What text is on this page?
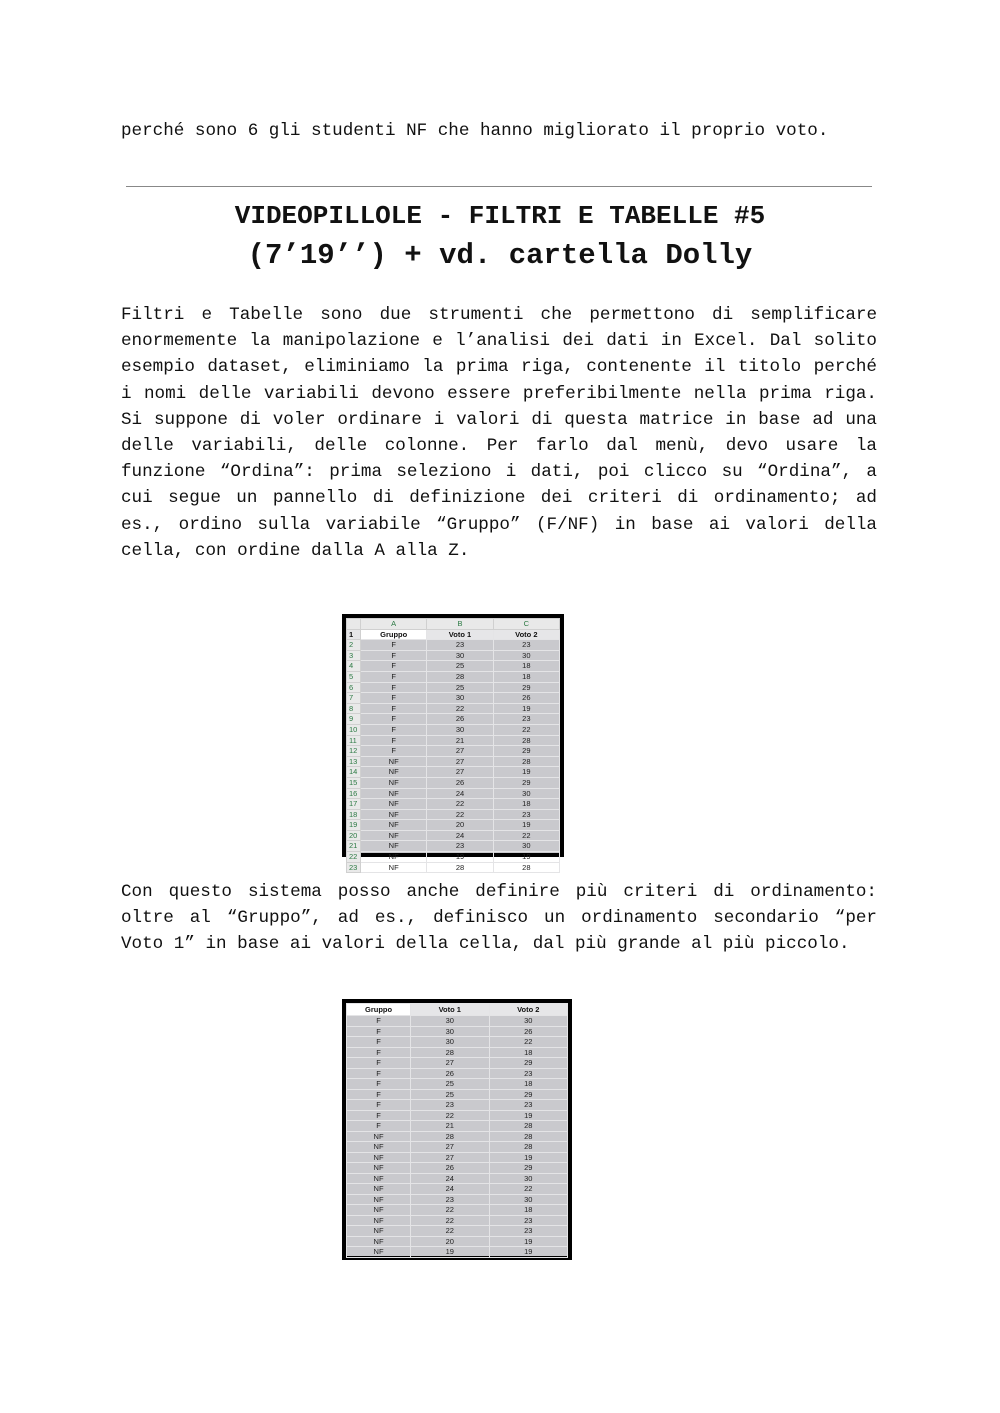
perché sono 6 gli studenti NF che hanno migliorato il proprio voto.

VIDEOPILLOLE - FILTRI E TABELLE #5
(7’19’’) + vd. cartella Dolly

Filtri e Tabelle sono due strumenti che permettono di semplificare enormemente la manipolazione e l’analisi dei dati in Excel. Dal solito esempio dataset, eliminiamo la prima riga, contenente il titolo perché i nomi delle variabili devono essere preferibilmente nella prima riga. Si suppone di voler ordinare i valori di questa matrice in base ad una delle variabili, delle colonne. Per farlo dal menù, devo usare la funzione “Ordina”: prima seleziono i dati, poi clicco su “Ordina”, a cui segue un pannello di definizione dei criteri di ordinamento; ad es., ordino sulla variabile “Gruppo” (F/NF) in base ai valori della cella, con ordine dalla A alla Z.

	A	B	C
1	Gruppo	Voto 1	Voto 2
2	F	23	23
3	F	30	30
4	F	25	18
5	F	28	18
6	F	25	29
7	F	30	26
8	F	22	19
9	F	26	23
10	F	30	22
11	F	21	28
12	F	27	29
13	NF	27	28
14	NF	27	19
15	NF	26	29
16	NF	24	30
17	NF	22	18
18	NF	22	23
19	NF	20	19
20	NF	24	22
21	NF	23	30
22	NF	19	19
23	NF	28	28

Con questo sistema posso anche definire più criteri di ordinamento: oltre al “Gruppo”, ad es., definisco un ordinamento secondario “per Voto 1” in base ai valori della cella, dal più grande al più piccolo.

Gruppo	Voto 1	Voto 2
F	30	30
F	30	26
F	30	22
F	28	18
F	27	29
F	26	23
F	25	18
F	25	29
F	23	23
F	22	19
F	21	28
NF	28	28
NF	27	28
NF	27	19
NF	26	29
NF	24	30
NF	24	22
NF	23	30
NF	22	18
NF	22	23
NF	22	23
NF	20	19
NF	19	19
